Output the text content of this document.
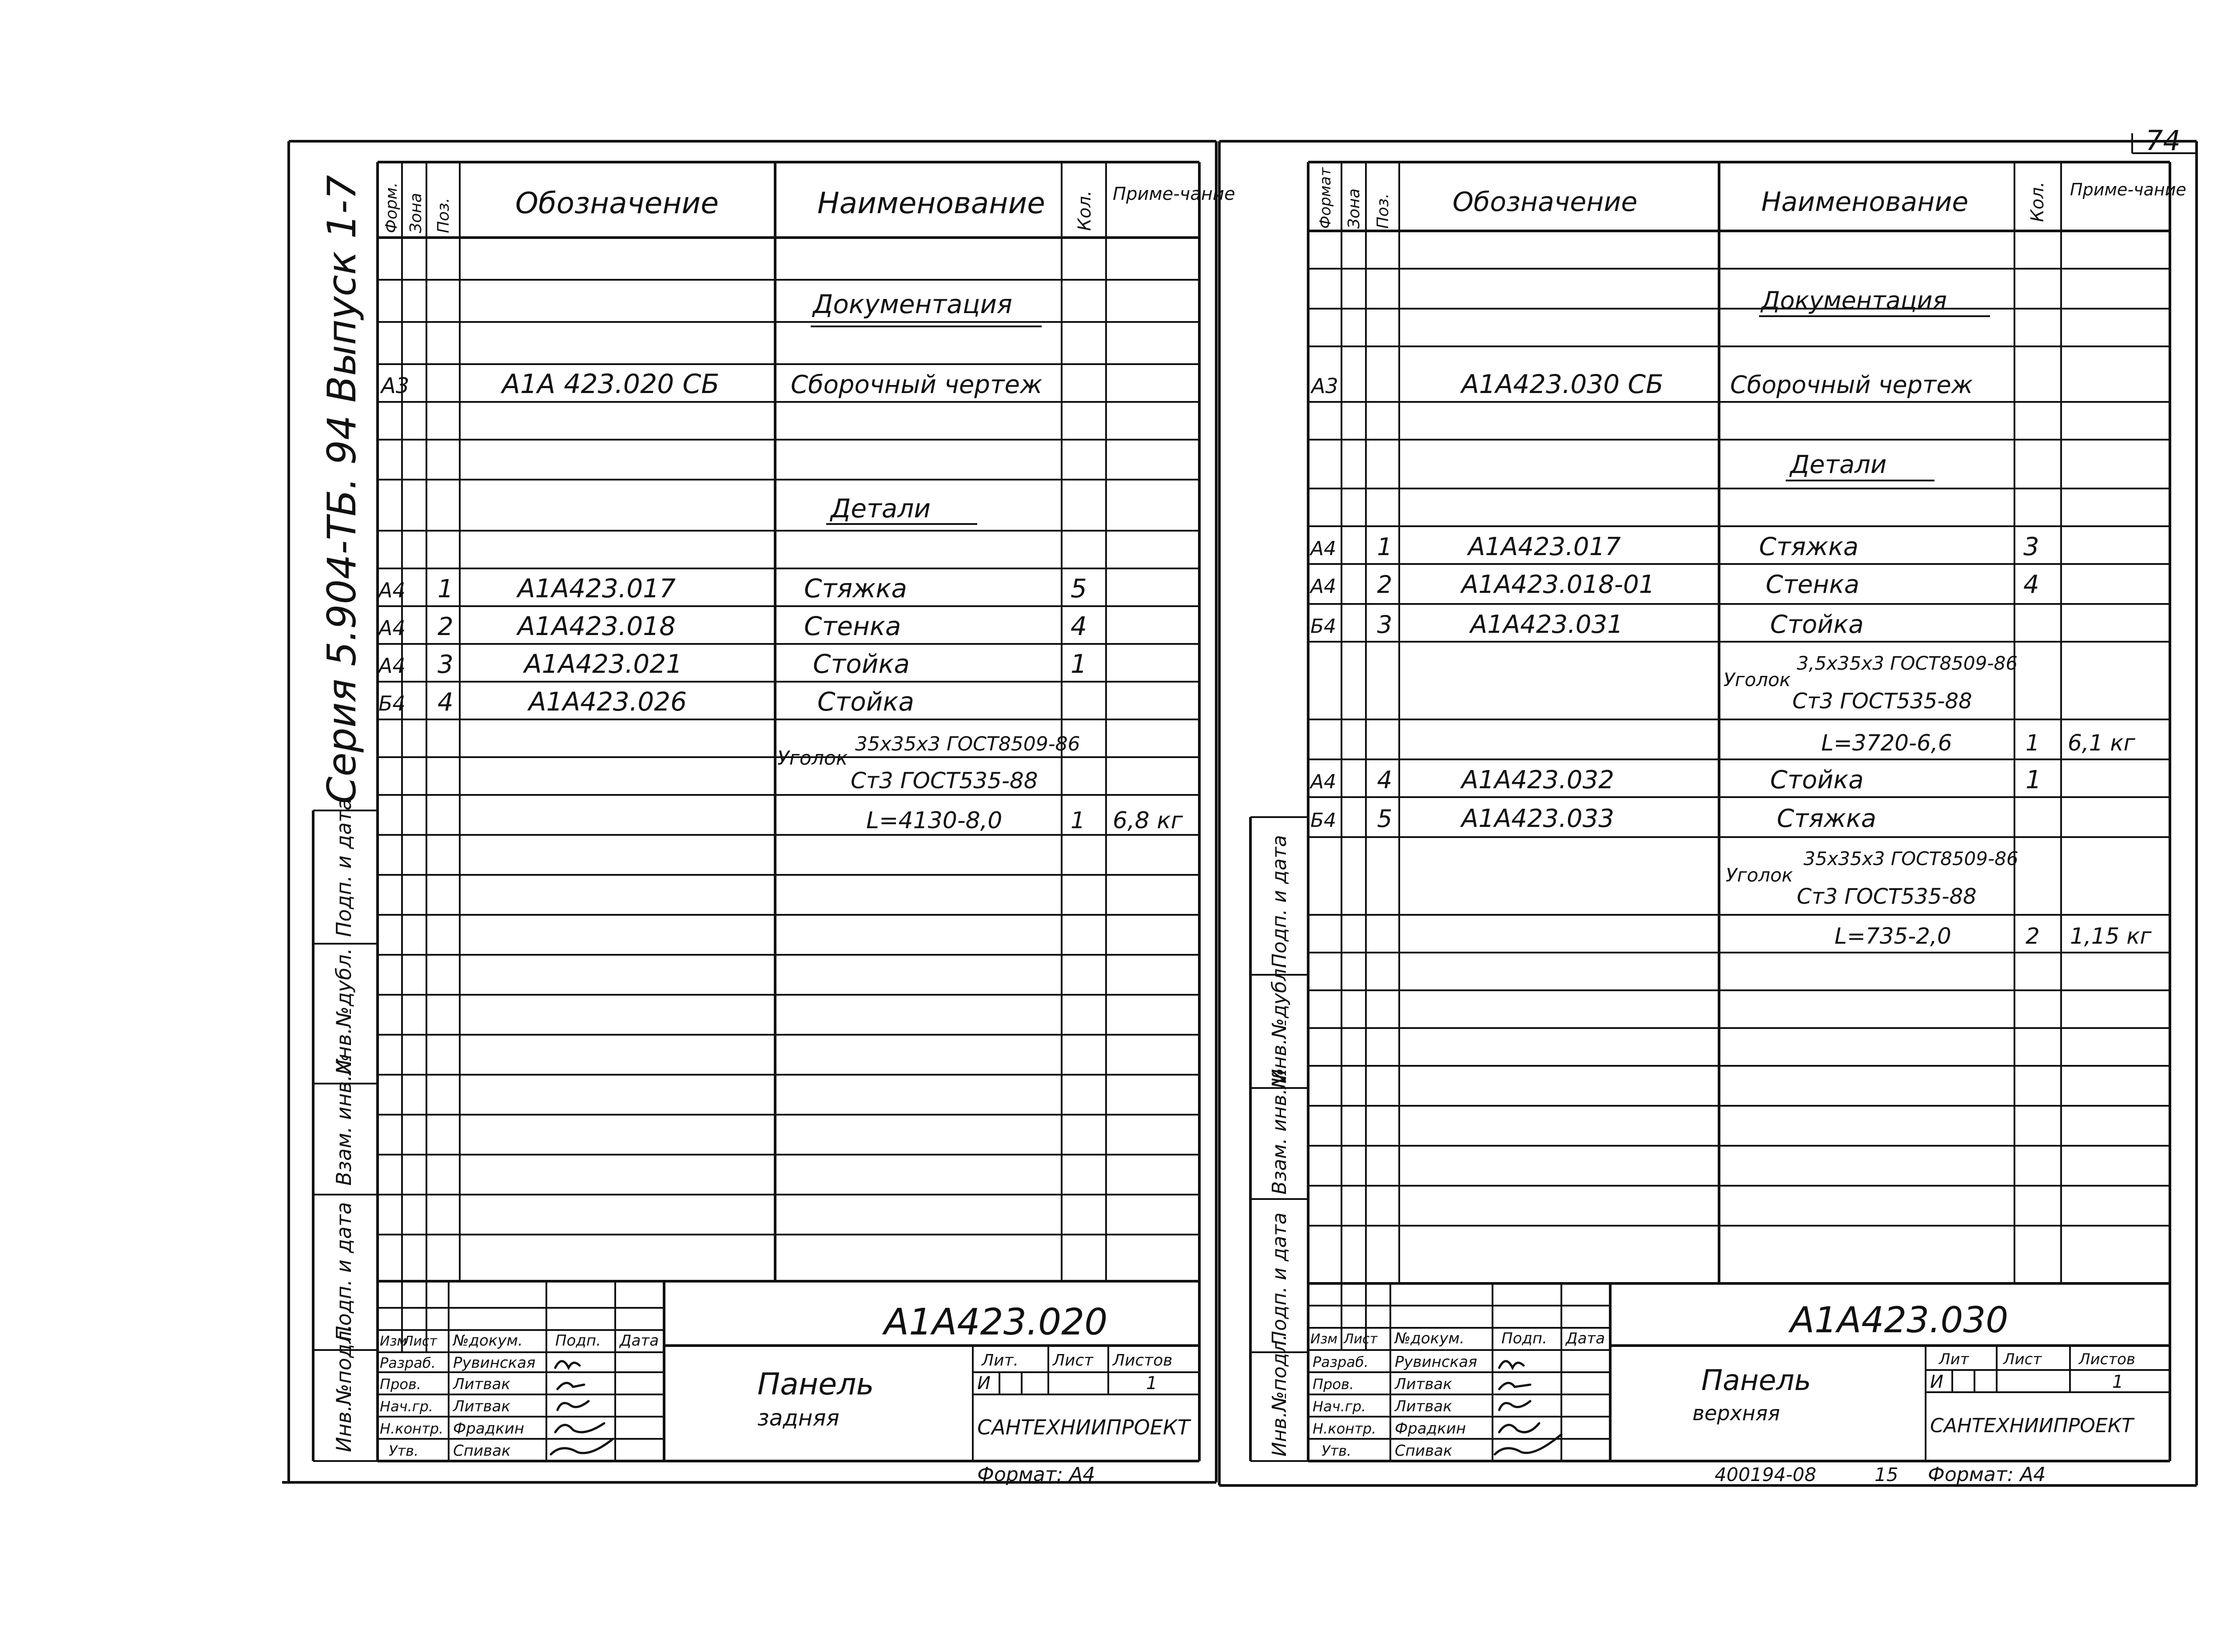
74
Инв.№подл.
Подп. и дата
Взам. инв.№
Инв.№дубл.
Подп. и дата
Серия 5.904-ТБ. 94 Выпуск 1-7 Форм. Зона Поз. Обозначение	Наименование Кол. Приме-чание
Документация
А3	А1А 423.020 СБ	Сборочный чертеж
Детали
А4 1 А1А423.017	Стяжка	5
А4 2 А1А423.018	Стенка	4
А4 3	А1А423.021	Стойка	1
Б4 4	А1А423.026	Стойка
Уголок
35х35х3 ГОСТ8509-86
Ст3 ГОСТ535-88
L=4130-8,0	1 6,8 кг
Изм
Лист №докум. Подп. Дата
Разраб. Рувинская
Пров. Литвак
Нач.гр. Литвак
Н.контр. Фрадкин
Утв. Спивак
А1А423.020
Панель
задняя
Лит. Лист Листов
И	1
САНТЕХНИИПРОЕКТ
Формат: А4
Инв.№подл.
Подп. и дата
Взам. инв.№
Инв.№дубл.
Подп. и дата
Формат Зона Поз. Обозначение	Наименование	Кол. Приме-чание
Документация
А3	А1А423.030 СБ	Сборочный чертеж
Детали
А4 1	А1А423.017	Стяжка	3
А4 2	А1А423.018-01	Стенка	4
Б4 3	А1А423.031	Стойка
Уголок
3,5х35х3 ГОСТ8509-86
Ст3 ГОСТ535-88
L=3720-6,6	1 6,1 кг
А4 4	А1А423.032	Стойка	1
Б4 5	А1А423.033	Стяжка
Уголок
35х35х3 ГОСТ8509-86
Ст3 ГОСТ535-88
L=735-2,0	2 1,15 кг
Изм Лист №докум. Подп. Дата
Разраб. Рувинская
Пров.	Литвак
Нач.гр. Литвак
Н.контр. Фрадкин
Утв.	Спивак
А1А423.030
Панель
верхняя
Лит Лист Листов
И	1
САНТЕХНИИПРОЕКТ
400194-08	15 Формат: А4
